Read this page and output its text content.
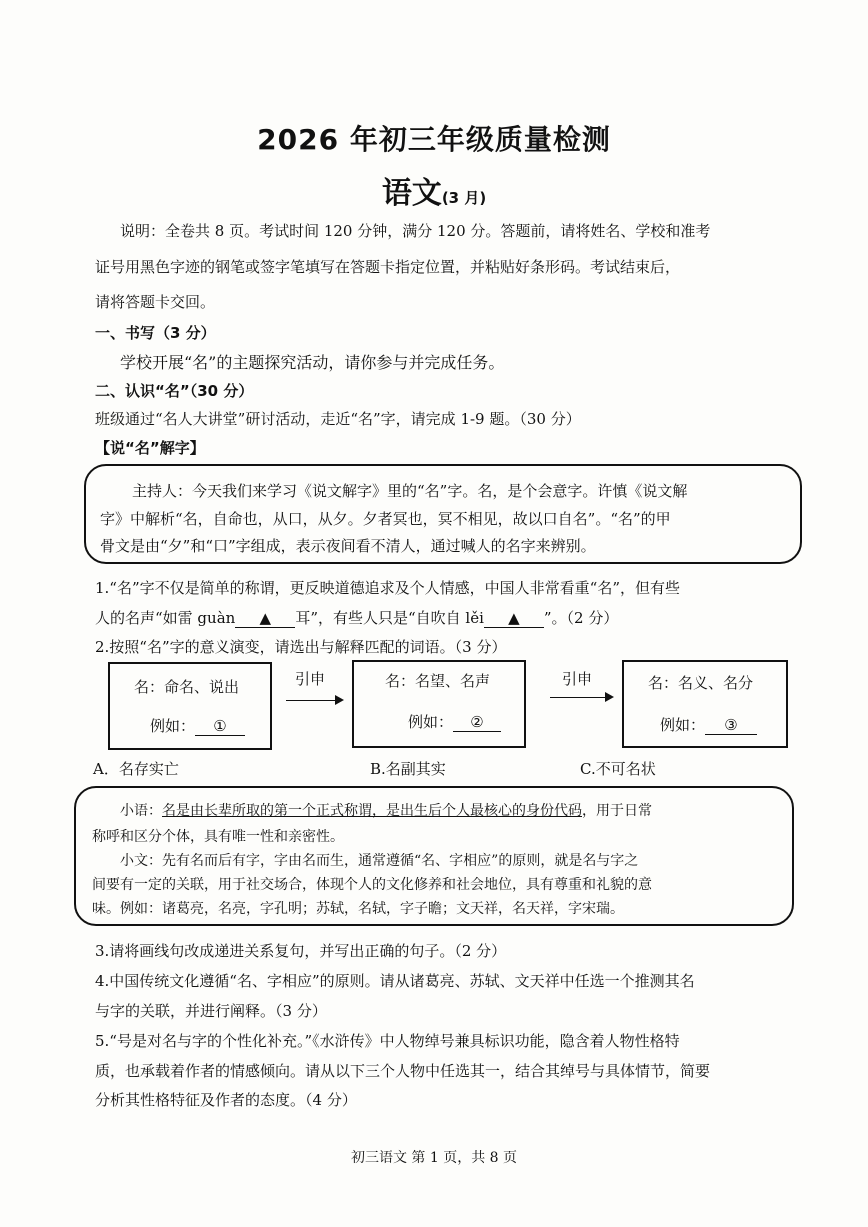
2026 年初三年级质量检测
语文(3 月)
说明：全卷共 8 页。考试时间 120 分钟，满分 120 分。答题前，请将姓名、学校和准考
证号用黑色字迹的钢笔或签字笔填写在答题卡指定位置，并粘贴好条形码。考试结束后，
请将答题卡交回。
一、书写（3 分）
学校开展“名”的主题探究活动，请你参与并完成任务。
二、认识“名”（30 分）
班级通过“名人大讲堂”研讨活动，走近“名”字，请完成 1-9 题。（30 分）
【说“名”解字】
主持人：今天我们来学习《说文解字》里的“名”字。名，是个会意字。许慎《说文解
字》中解析“名，自命也，从口，从夕。夕者冥也，冥不相见，故以口自名”。“名”的甲
骨文是由“夕”和“口”字组成，表示夜间看不清人，通过喊人的名字来辨别。
1.“名”字不仅是简单的称谓，更反映道德追求及个人情感，中国人非常看重“名”，但有些
人的名声“如雷 guàn ▲ 耳”，有些人只是“自吹自 lěi ▲ ”。（2 分）
2.按照“名”字的意义演变，请选出与解释匹配的词语。（3 分）
名：命名、说出
例如： ①
引申	名：名望、名声
例如： ②
引申	名：名义、名分
例如： ③
A．名存实亡	B.名副其实	C.不可名状
小语：名是由长辈所取的第一个正式称谓，是出生后个人最核心的身份代码，用于日常
称呼和区分个体，具有唯一性和亲密性。
小文：先有名而后有字，字由名而生，通常遵循“名、字相应”的原则，就是名与字之
间要有一定的关联，用于社交场合，体现个人的文化修养和社会地位，具有尊重和礼貌的意
味。例如：诸葛亮，名亮，字孔明；苏轼，名轼，字子瞻；文天祥，名天祥，字宋瑞。
3.请将画线句改成递进关系复句，并写出正确的句子。（2 分）
4.中国传统文化遵循“名、字相应”的原则。请从诸葛亮、苏轼、文天祥中任选一个推测其名
与字的关联，并进行阐释。（3 分）
5.“号是对名与字的个性化补充。”《水浒传》中人物绰号兼具标识功能，隐含着人物性格特
质，也承载着作者的情感倾向。请从以下三个人物中任选其一，结合其绰号与具体情节，简要
分析其性格特征及作者的态度。（4 分）
初三语文 第 1 页，共 8 页
